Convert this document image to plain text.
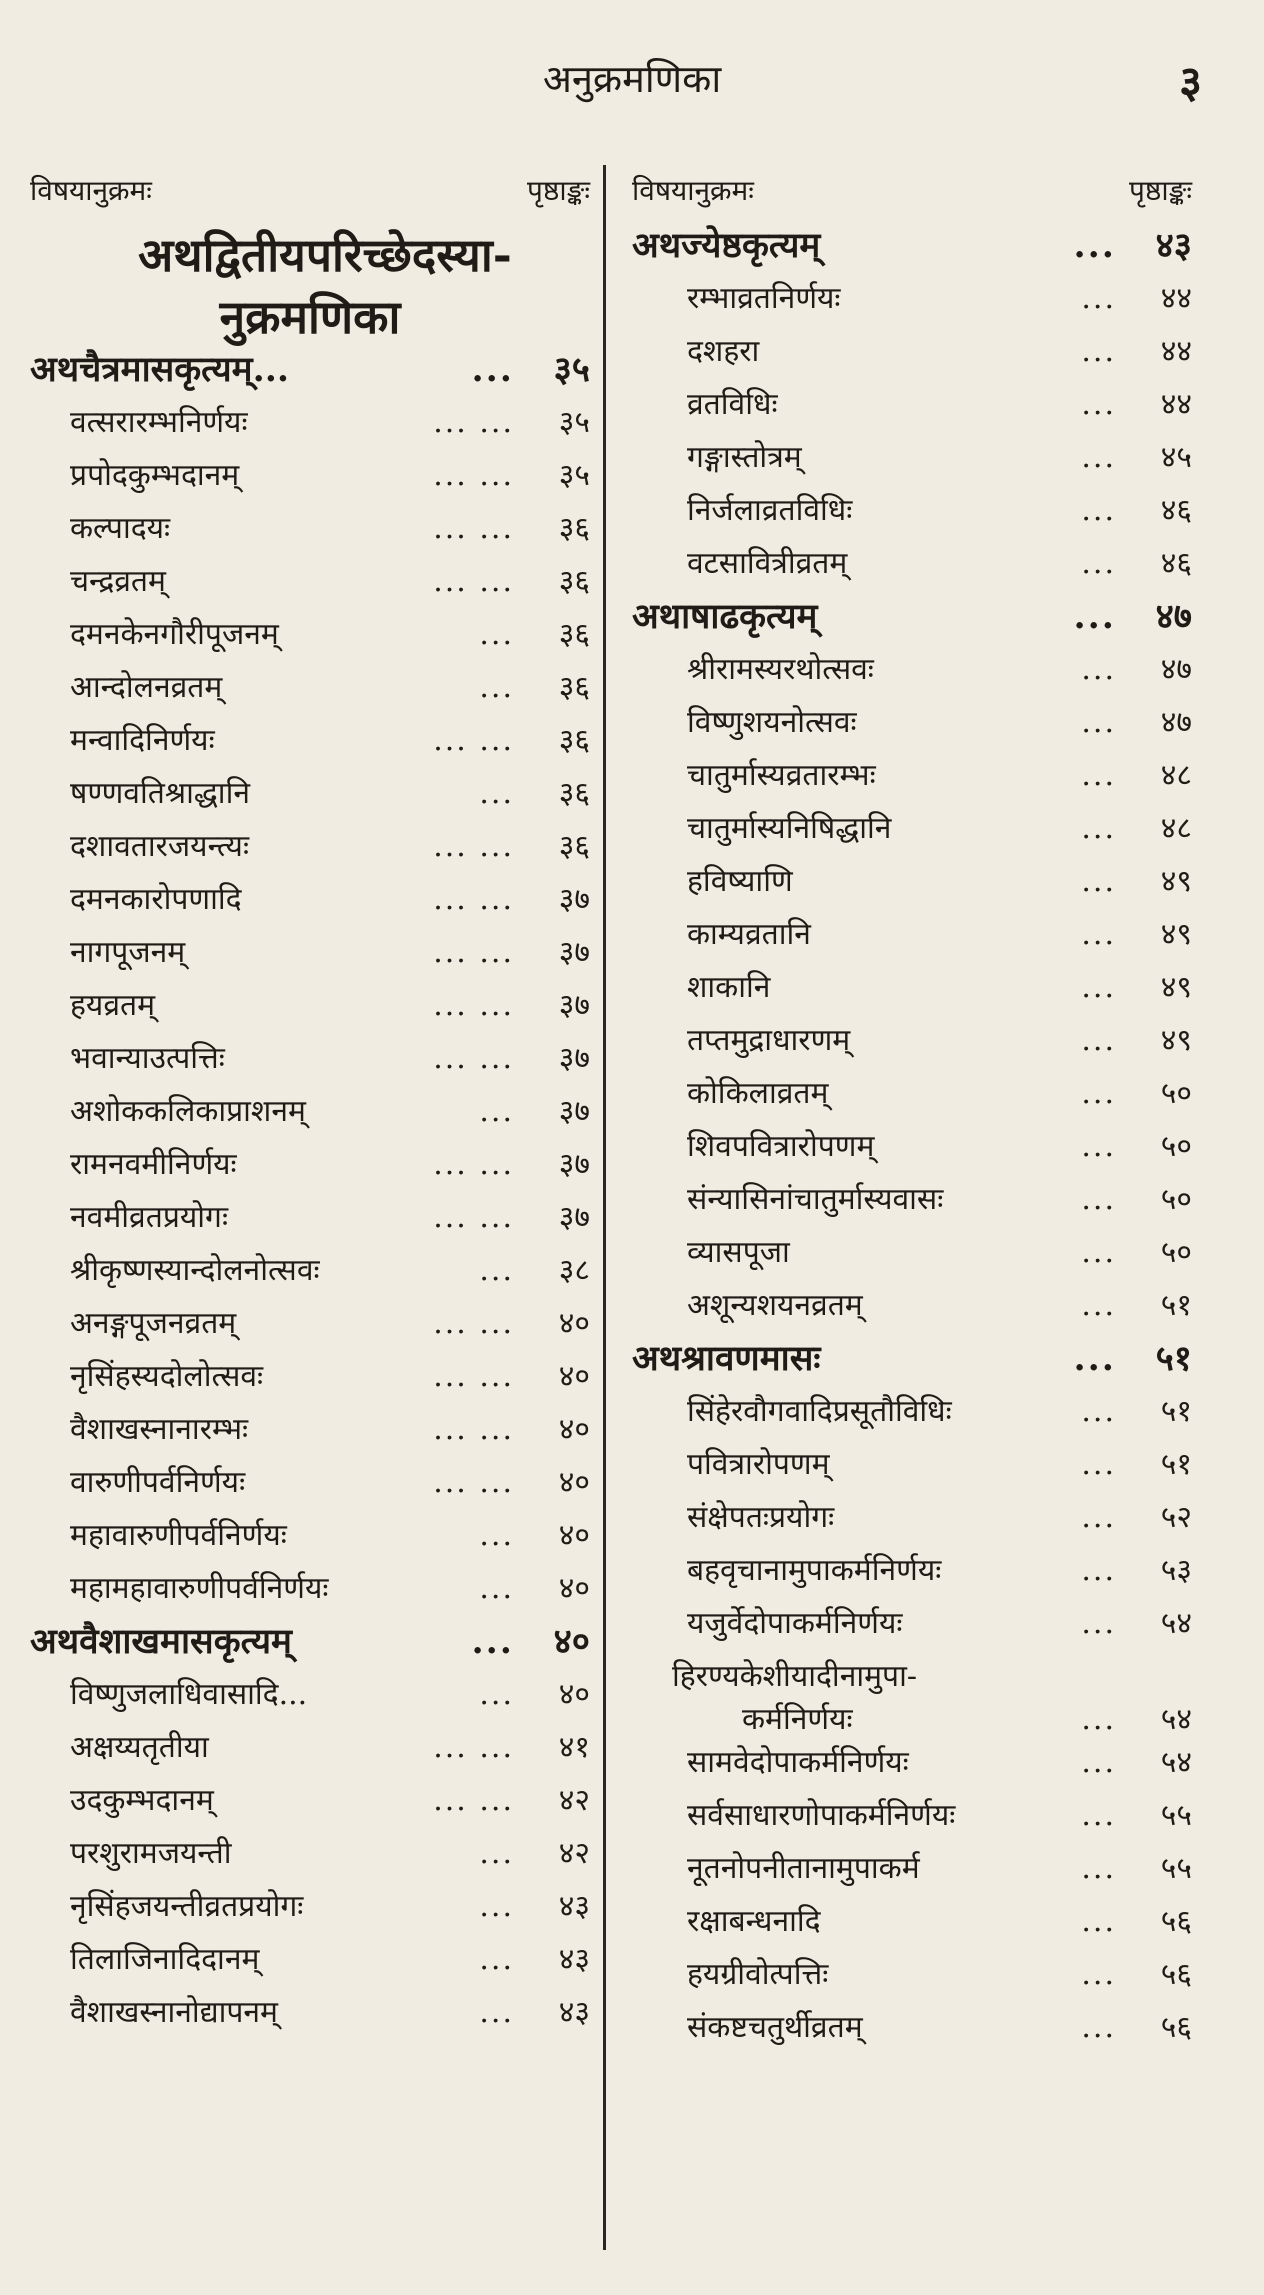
अनुक्रमणिका	३
विषयानुक्रमः	पृष्ठाङ्कः
अथद्वितीयपरिच्छेदस्या-
नुक्रमणिका
अथचैत्रमासकृत्यम्...	...	३५
वत्सरारम्भनिर्णयः	... ...	३५
प्रपोदकुम्भदानम्	... ...	३५
कल्पादयः	... ...	३६
चन्द्रव्रतम्	... ...	३६
दमनकेनगौरीपूजनम्	...	३६
आन्दोलनव्रतम्	...	३६
मन्वादिनिर्णयः	... ...	३६
षण्णवतिश्राद्धानि	...	३६
दशावतारजयन्त्यः	... ...	३६
दमनकारोपणादि	... ...	३७
नागपूजनम्	... ...	३७
हयव्रतम्	... ...	३७
भवान्याउत्पत्तिः	... ...	३७
अशोककलिकाप्राशनम्	...	३७
रामनवमीनिर्णयः	... ...	३७
नवमीव्रतप्रयोगः	... ...	३७
श्रीकृष्णस्यान्दोलनोत्सवः	...	३८
अनङ्गपूजनव्रतम्	... ...	४०
नृसिंहस्यदोलोत्सवः	... ...	४०
वैशाखस्नानारम्भः	... ...	४०
वारुणीपर्वनिर्णयः	... ...	४०
महावारुणीपर्वनिर्णयः	...	४०
महामहावारुणीपर्वनिर्णयः	...	४०
अथवैशाखमासकृत्यम्	...	४०
विष्णुजलाधिवासादि...	...	४०
अक्षय्यतृतीया	... ...	४१
उदकुम्भदानम्	... ...	४२
परशुरामजयन्ती	...	४२
नृसिंहजयन्तीव्रतप्रयोगः	...	४३
तिलाजिनादिदानम्	...	४३
वैशाखस्नानोद्यापनम्	...	४३
विषयानुक्रमः	पृष्ठाङ्कः
अथज्येष्ठकृत्यम्	...	४३
रम्भाव्रतनिर्णयः	...	४४
दशहरा	...	४४
व्रतविधिः	...	४४
गङ्गास्तोत्रम्	...	४५
निर्जलाव्रतविधिः	...	४६
वटसावित्रीव्रतम्	...	४६
अथाषाढकृत्यम्	...	४७
श्रीरामस्यरथोत्सवः	...	४७
विष्णुशयनोत्सवः	...	४७
चातुर्मास्यव्रतारम्भः	...	४८
चातुर्मास्यनिषिद्धानि	...	४८
हविष्याणि	...	४९
काम्यव्रतानि	...	४९
शाकानि	...	४९
तप्तमुद्राधारणम्	...	४९
कोकिलाव्रतम्	...	५०
शिवपवित्रारोपणम्	...	५०
संन्यासिनांचातुर्मास्यवासः	...	५०
व्यासपूजा	...	५०
अशून्यशयनव्रतम्	...	५१
अथश्रावणमासः	...	५१
सिंहेरवौगवादिप्रसूतौविधिः	...	५१
पवित्रारोपणम्	...	५१
संक्षेपतःप्रयोगः	...	५२
बहवृचानामुपाकर्मनिर्णयः	...	५३
यजुर्वेदोपाकर्मनिर्णयः	...	५४
हिरण्यकेशीयादीनामुपा-
कर्मनिर्णयः	...	५४
सामवेदोपाकर्मनिर्णयः	...	५४
सर्वसाधारणोपाकर्मनिर्णयः	...	५५
नूतनोपनीतानामुपाकर्म	...	५५
रक्षाबन्धनादि	...	५६
हयग्रीवोत्पत्तिः	...	५६
संकष्टचतुर्थीव्रतम्	...	५६
